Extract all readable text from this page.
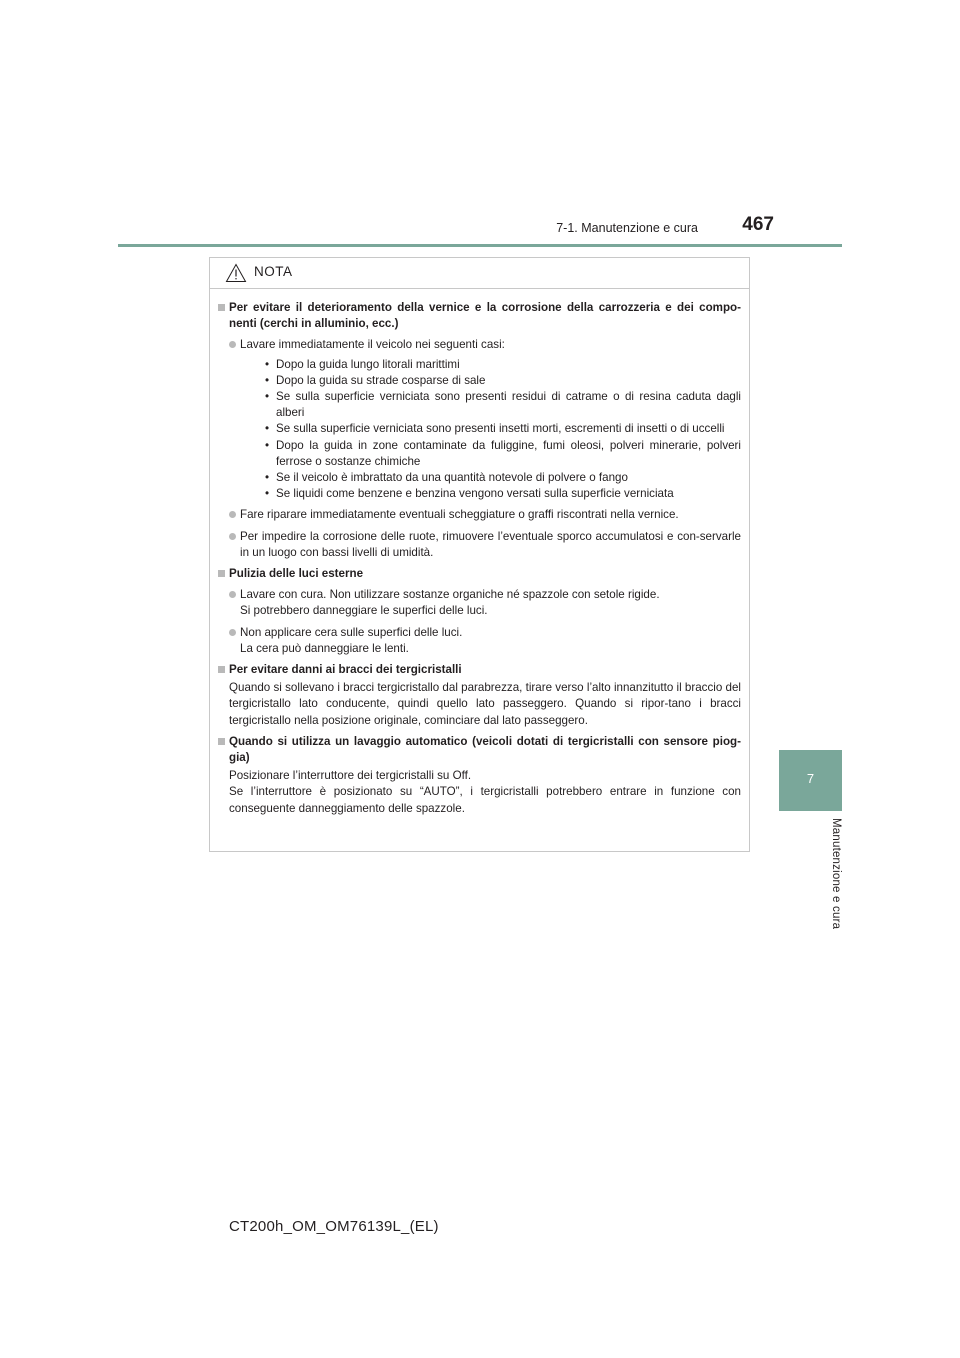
7-1. Manutenzione e cura 467
7
Manutenzione e cura
NOTA
Per evitare il deterioramento della vernice e la corrosione della carrozzeria e dei compo-nenti (cerchi in alluminio, ecc.)
Lavare immediatamente il veicolo nei seguenti casi:
• Dopo la guida lungo litorali marittimi
• Dopo la guida su strade cosparse di sale
• Se sulla superficie verniciata sono presenti residui di catrame o di resina caduta dagli alberi
• Se sulla superficie verniciata sono presenti insetti morti, escrementi di insetti o di uccelli
• Dopo la guida in zone contaminate da fuliggine, fumi oleosi, polveri minerarie, polveri ferrose o sostanze chimiche
• Se il veicolo è imbrattato da una quantità notevole di polvere o fango
• Se liquidi come benzene e benzina vengono versati sulla superficie verniciata
Fare riparare immediatamente eventuali scheggiature o graffi riscontrati nella vernice.
Per impedire la corrosione delle ruote, rimuovere l’eventuale sporco accumulatosi e con-servarle in un luogo con bassi livelli di umidità.
Pulizia delle luci esterne
Lavare con cura. Non utilizzare sostanze organiche né spazzole con setole rigide.
Si potrebbero danneggiare le superfici delle luci.
Non applicare cera sulle superfici delle luci.
La cera può danneggiare le lenti.
Per evitare danni ai bracci dei tergicristalli
Quando si sollevano i bracci tergicristallo dal parabrezza, tirare verso l’alto innanzitutto il braccio del tergicristallo lato conducente, quindi quello lato passeggero. Quando si ripor-tano i bracci tergicristallo nella posizione originale, cominciare dal lato passeggero.
Quando si utilizza un lavaggio automatico (veicoli dotati di tergicristalli con sensore piog-gia)
Posizionare l’interruttore dei tergicristalli su Off.
Se l’interruttore è posizionato su “AUTO”, i tergicristalli potrebbero entrare in funzione con conseguente danneggiamento delle spazzole.
CT200h_OM_OM76139L_(EL)
